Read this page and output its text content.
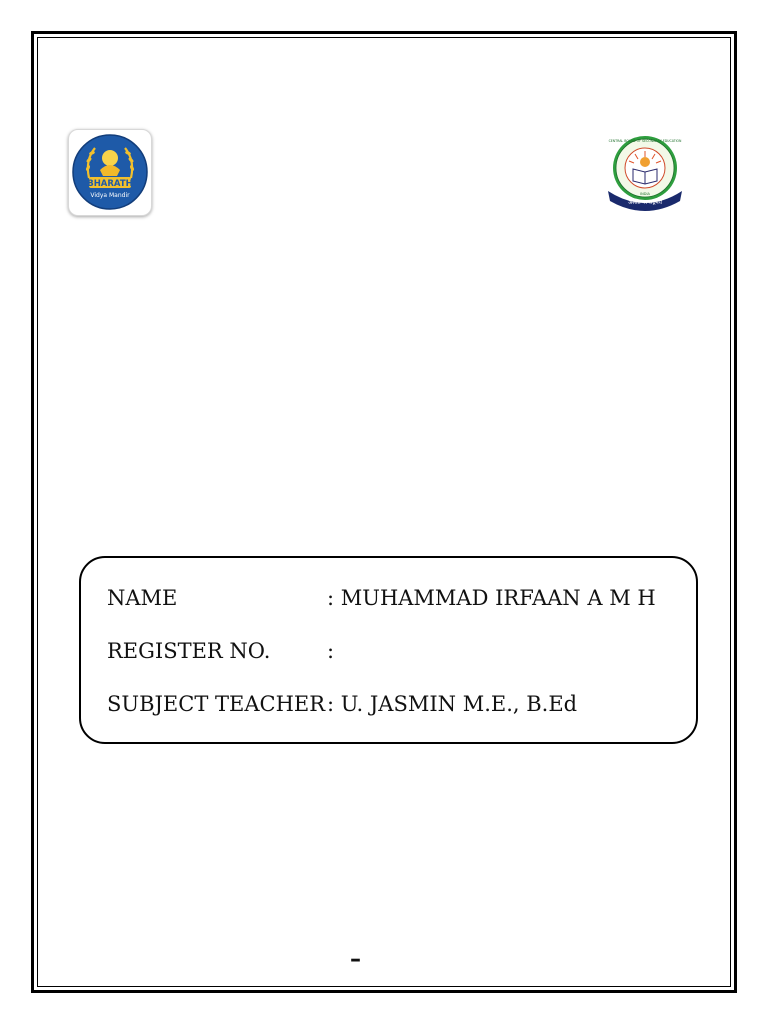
BHARATH
Vidya Mandir
असतो मा सद्गमय
INDIA
CENTRAL BOARD OF SECONDARY EDUCATION
NAME	: MUHAMMAD IRFAAN A M H
REGISTER NO.	:
SUBJECT TEACHER : U. JASMIN M.E., B.Ed
–
